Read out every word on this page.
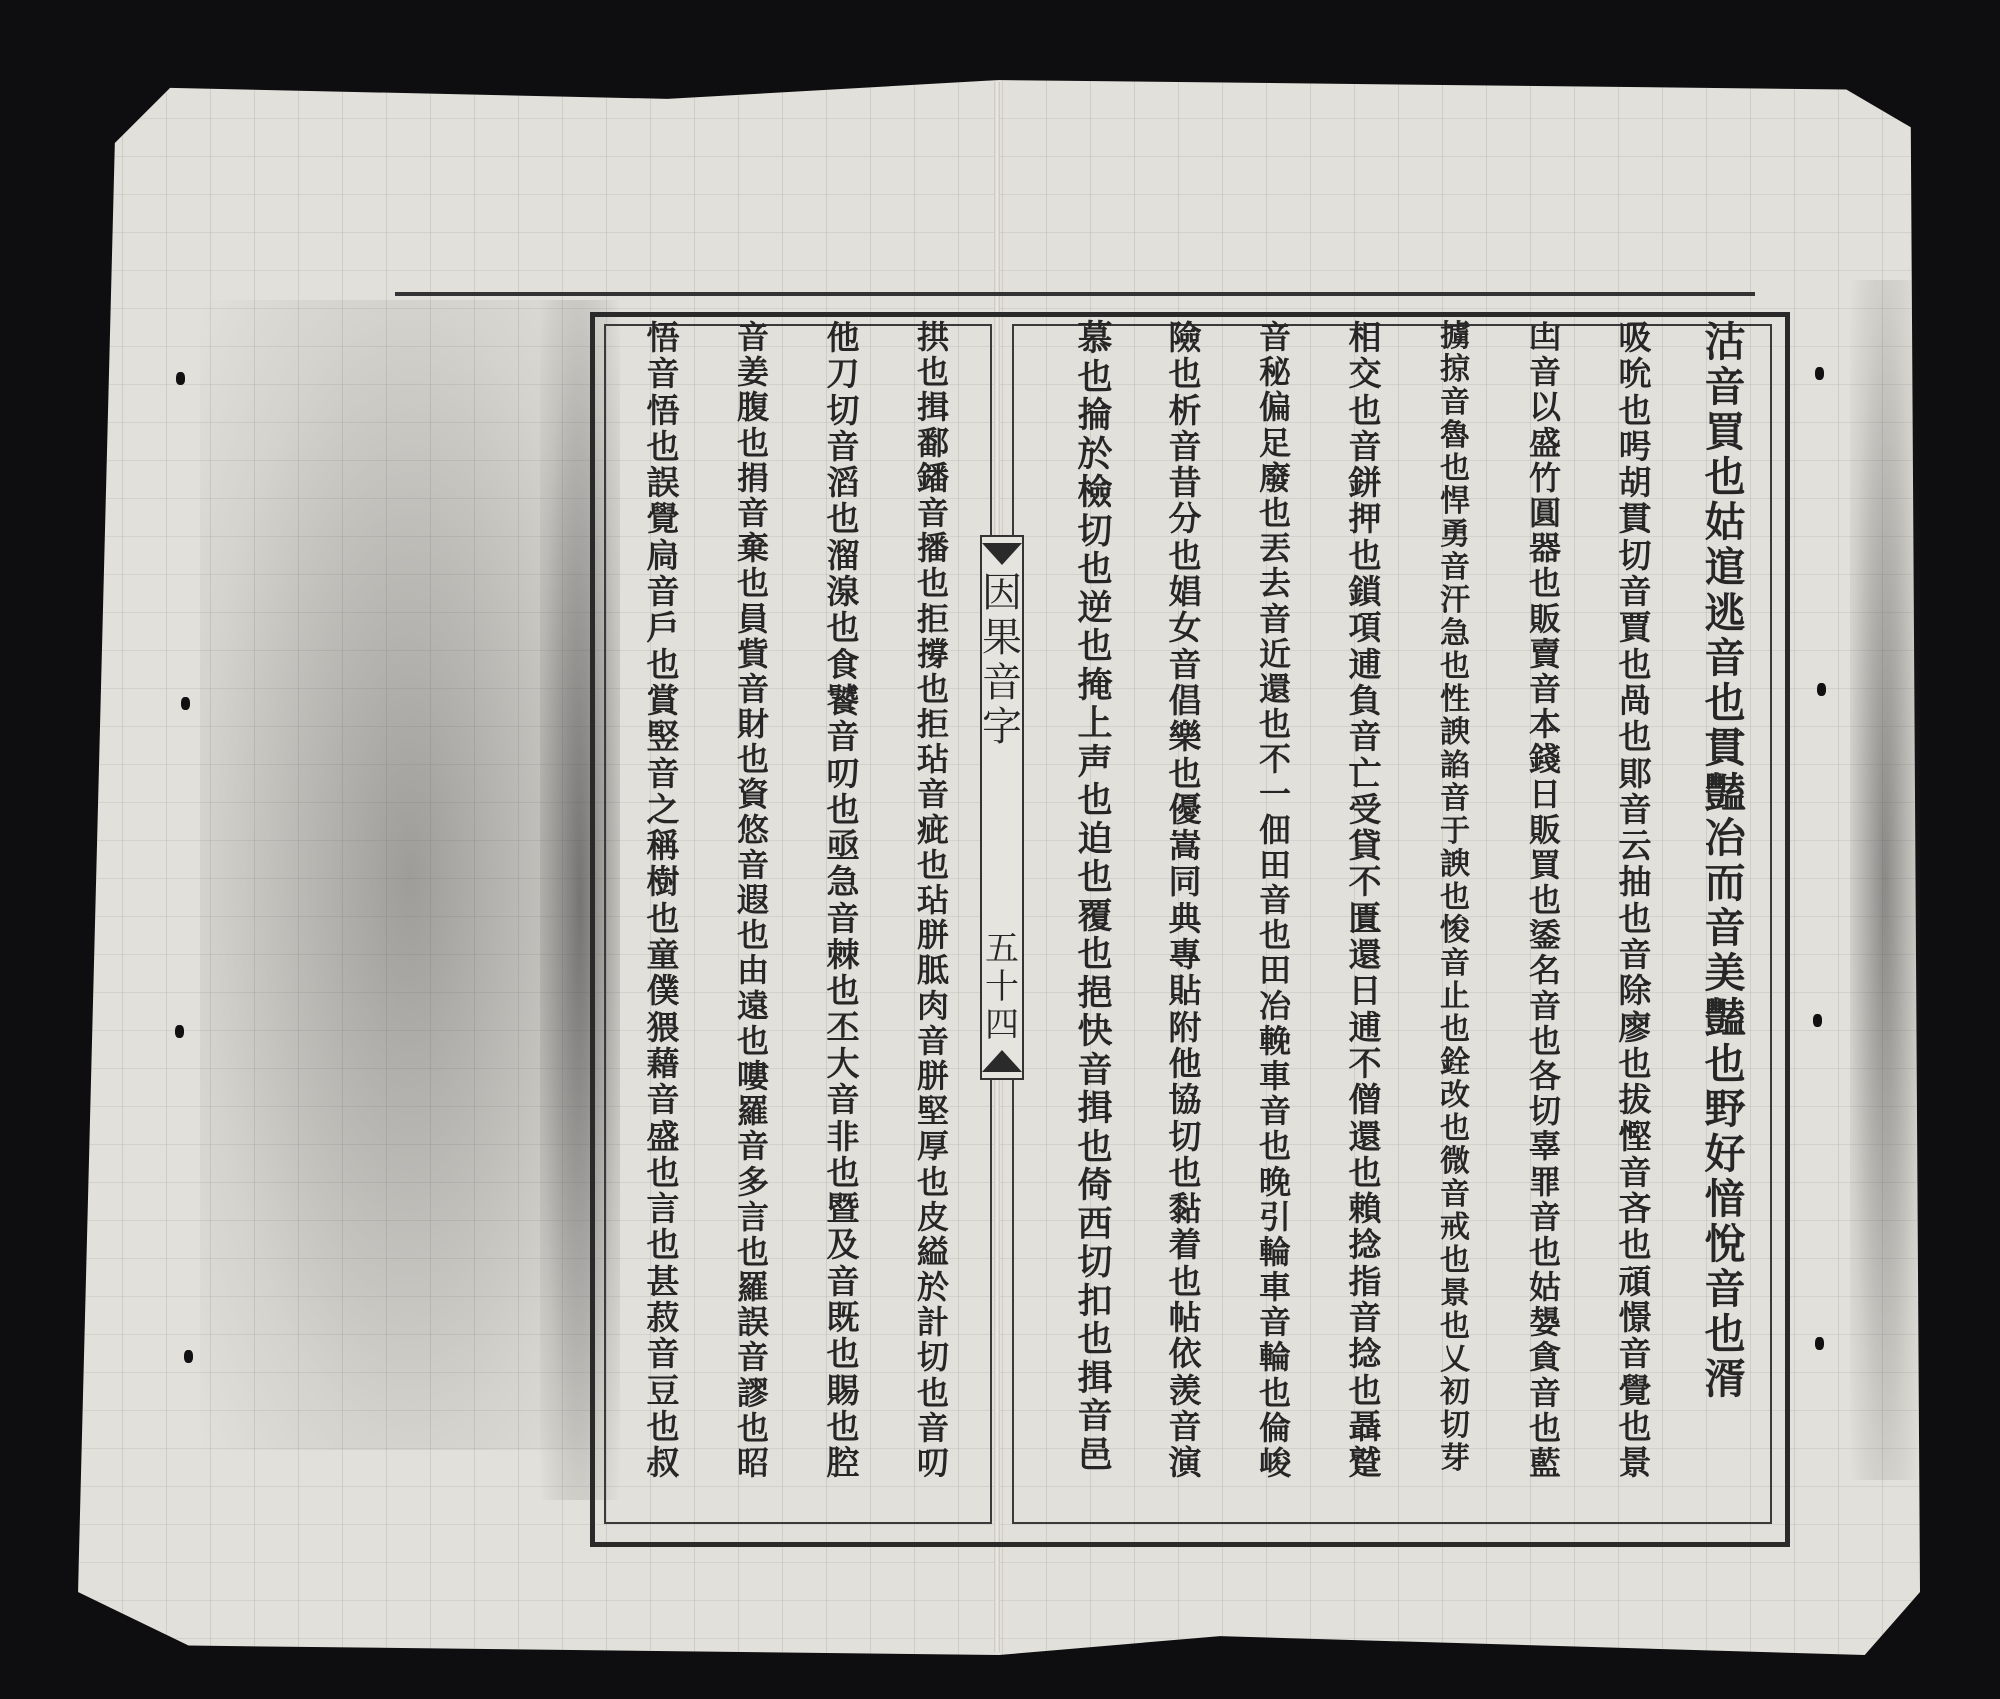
因
果
音
字
五
十
四
沽
音
買
也
姑
逭
逃
音
也
貫
豔
冶
而
音
美
豔
也
野
好
愔
悅
音
也
湑
吸
吮
也
呺
胡
貫
切
音
賈
也
咼
也
郥
音
云
抽
也
音
除
廖
也
拔
慳
音
吝
也
頑
憬
音
覺
也
景
凷
音
以
盛
竹
圓
器
也
販
賣
音
本
錢
日
販
買
也
鋈
名
音
也
各
切
辜
罪
音
也
姑
嫢
貪
音
也
藍
擄
掠
音
魯
也
悍
勇
音
汗
急
也
性
諛
諂
音
于
諛
也
悛
音
止
也
銓
改
也
微
音
戒
也
景
也
乂
初
切
芽
相
交
也
音
鉼
押
也
鎖
項
逋
負
音
亡
受
貸
不
匱
還
日
逋
不
僧
還
也
賴
捻
指
音
捻
也
聶
蹵
音
秘
偏
足
廢
也
丟
去
音
近
還
也
不
一
佃
田
音
也
田
冶
輓
車
音
也
晚
引
輪
車
音
輪
也
倫
峻
險
也
析
音
昔
分
也
娼
女
音
倡
樂
也
優
嵩
同
典
專
貼
附
他
協
切
也
黏
着
也
帖
依
羡
音
演
慕
也
掄
於
檢
切
也
逆
也
掩
上
声
也
迫
也
覆
也
挹
快
音
揖
也
倚
西
切
扣
也
揖
音
邑
拱
也
揖
鄱
鐇
音
播
也
拒
撐
也
拒
玷
音
疵
也
玷
胼
胝
肉
音
胼
堅
厚
也
皮
縊
於
計
切
也
音
叨
他
刀
切
音
滔
也
溜
湶
也
食
饕
音
叨
也
亟
急
音
棘
也
丕
大
音
非
也
暨
及
音
既
也
賜
也
腔
音
姜
腹
也
捐
音
棄
也
員
貲
音
財
也
資
悠
音
遐
也
由
遠
也
嘍
羅
音
多
言
也
羅
誤
音
謬
也
昭
悟
音
悟
也
誤
覺
扃
音
戶
也
賞
竪
音
之
稱
樹
也
童
僕
猥
藉
音
盛
也
言
也
甚
菽
音
豆
也
叔
